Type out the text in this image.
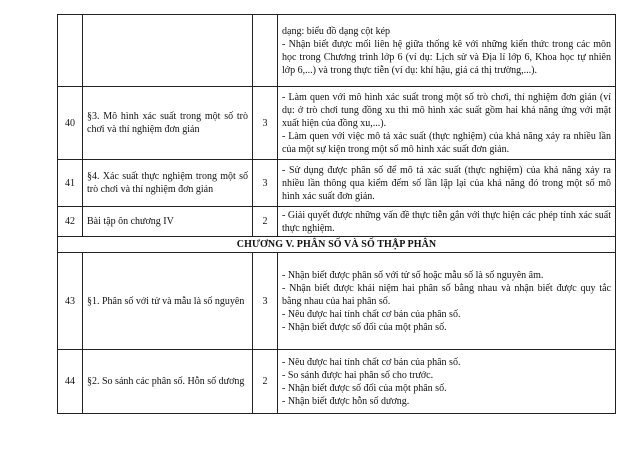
			dạng: biểu đồ dạng cột kép
- Nhận biết được mối liên hệ giữa thống kê với những kiến thức trong các môn học trong Chương trình lớp 6 (ví dụ: Lịch sử và Địa lí lớp 6, Khoa học tự nhiên lớp 6,...) và trong thực tiễn (ví dụ: khí hậu, giá cả thị trường,...).

40	§3. Mô hình xác suất trong một số trò chơi và thí nghiệm đơn giản	3	- Làm quen với mô hình xác suất trong một số trò chơi, thí nghiệm đơn giản (ví dụ: ở trò chơi tung đồng xu thì mô hình xác suất gồm hai khả năng ứng với mặt xuất hiện của đồng xu,...).
- Làm quen với việc mô tả xác suất (thực nghiệm) của khả năng xảy ra nhiều lần của một sự kiện trong một số mô hình xác suất đơn giản.

41	§4. Xác suất thực nghiệm trong một số trò chơi và thí nghiệm đơn giản	3	- Sử dụng được phân số để mô tả xác suất (thực nghiệm) của khả năng xảy ra nhiều lần thông qua kiểm đếm số lần lặp lại của khả năng đó trong một số mô hình xác suất đơn giản.

42	Bài tập ôn chương IV	2	- Giải quyết được những vấn đề thực tiễn gắn với thực hiện các phép tính xác suất thực nghiệm.

CHƯƠNG V. PHÂN SỐ VÀ SỐ THẬP PHÂN			
43	§1. Phân số với tử và mẫu là số nguyên	3	- Nhận biết được phân số với tử số hoặc mẫu số là số nguyên âm.
- Nhận biết được khái niệm hai phân số bằng nhau và nhận biết được quy tắc bằng nhau của hai phân số.
- Nêu được hai tính chất cơ bản của phân số.
- Nhận biết được số đối của một phân số.

44	§2. So sánh các phân số. Hỗn số dương	2	- Nêu được hai tính chất cơ bản của phân số.
- So sánh được hai phân số cho trước.
- Nhận biết được số đối của một phân số.
- Nhận biết được hỗn số dương.
